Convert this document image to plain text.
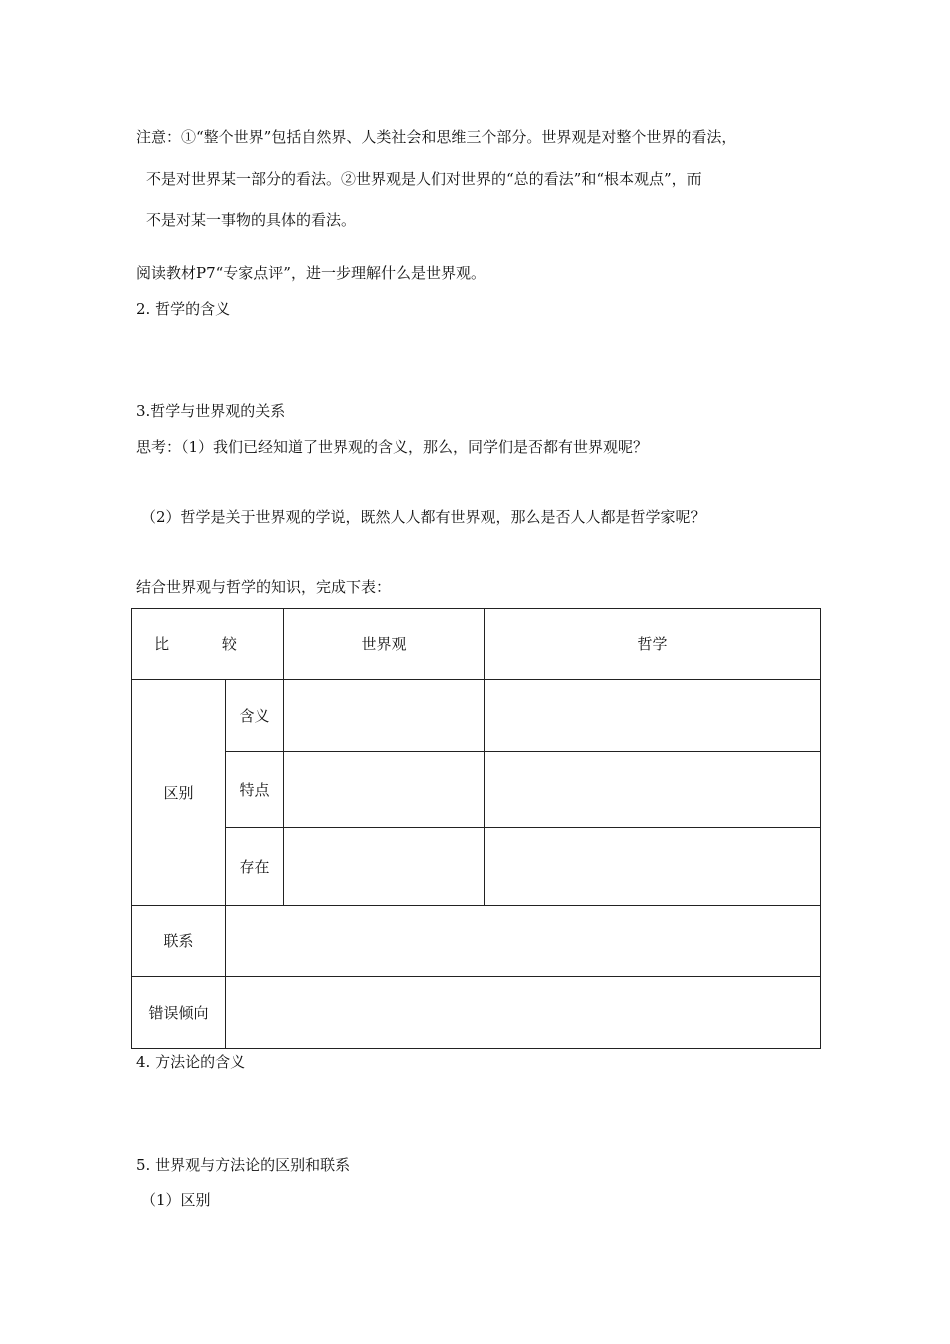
注意：①“整个世界”包括自然界、人类社会和思维三个部分。世界观是对整个世界的看法，
不是对世界某一部分的看法。②世界观是人们对世界的“总的看法”和“根本观点”，而
不是对某一事物的具体的看法。
阅读教材P7“专家点评”，进一步理解什么是世界观。
2. 哲学的含义
3.哲学与世界观的关系
思考：（1）我们已经知道了世界观的含义，那么，同学们是否都有世界观呢？
（2）哲学是关于世界观的学说，既然人人都有世界观，那么是否人人都是哲学家呢？
结合世界观与哲学的知识，完成下表：
比 较		世界观	哲学
区别	含义		
	特点		
	存在		
联系			
错误倾向			
4. 方法论的含义
5. 世界观与方法论的区别和联系
（1）区别
